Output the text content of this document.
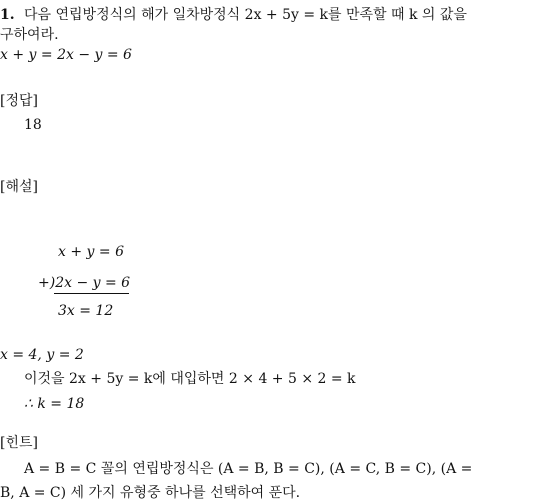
1. 다음 연립방정식의 해가 일차방정식 2x + 5y = k를 만족할 때 k 의 값을
구하여라.
x + y = 2x − y = 6
[정답]
18
[해설]
x + y = 6
+)2x − y = 6
3x = 12
x = 4, y = 2
이것을 2x + 5y = k에 대입하면 2 × 4 + 5 × 2 = k
∴ k = 18
[힌트]
A = B = C 꼴의 연립방정식은 (A = B, B = C), (A = C, B = C), (A =
B, A = C) 세 가지 유형중 하나를 선택하여 푼다.
